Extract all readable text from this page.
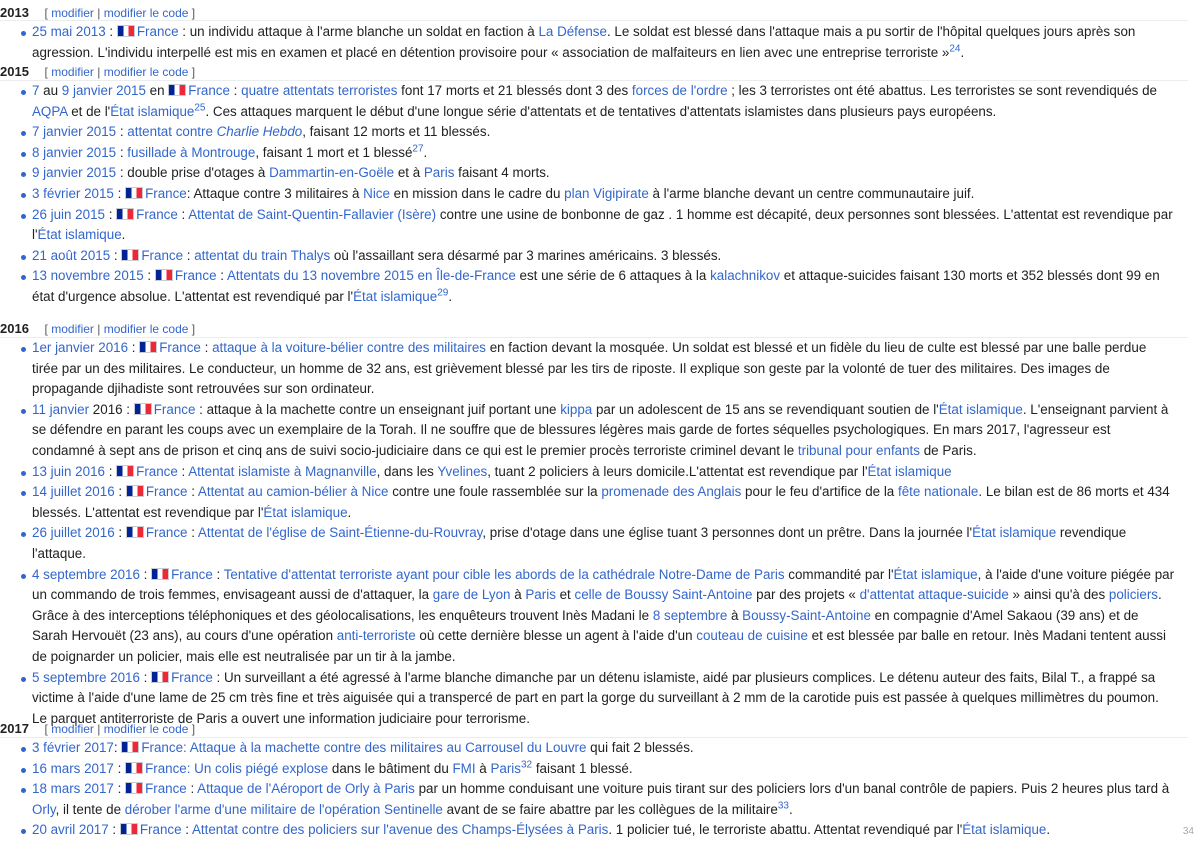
2013 [ modifier | modifier le code ]
25 mai 2013 : France : un individu attaque à l'arme blanche un soldat en faction à La Défense. Le soldat est blessé dans l'attaque mais a pu sortir de l'hôpital quelques jours après son agression. L'individu interpellé est mis en examen et placé en détention provisoire pour « association de malfaiteurs en lien avec une entreprise terroriste »$^{24}$.
2015 [ modifier | modifier le code ]
7 au 9 janvier 2015 en France : quatre attentats terroristes font 17 morts et 21 blessés dont 3 des forces de l'ordre ; les 3 terroristes ont été abattus. Les terroristes se sont revendiqués de AQPA et de l'État islamique$^{25}$. Ces attaques marquent le début d'une longue série d'attentats et de tentatives d'attentats islamistes dans plusieurs pays européens.
7 janvier 2015 : attentat contre Charlie Hebdo, faisant 12 morts et 11 blessés.
8 janvier 2015 : fusillade à Montrouge, faisant 1 mort et 1 blessé$^{27}$.
9 janvier 2015 : double prise d'otages à Dammartin-en-Goële et à Paris faisant 4 morts.
3 février 2015 : France: Attaque contre 3 militaires à Nice en mission dans le cadre du plan Vigipirate à l'arme blanche devant un centre communautaire juif.
26 juin 2015 : France : Attentat de Saint-Quentin-Fallavier (Isère) contre une usine de bonbonne de gaz . 1 homme est décapité, deux personnes sont blessées. L'attentat est revendique par l'État islamique.
21 août 2015 : France : attentat du train Thalys où l'assaillant sera désarmé par 3 marines américains. 3 blessés.
13 novembre 2015 : France : Attentats du 13 novembre 2015 en Île-de-France est une série de 6 attaques à la kalachnikov et attaque-suicides faisant 130 morts et 352 blessés dont 99 en état d'urgence absolue. L'attentat est revendiqué par l'État islamique$^{29}$.
2016 [ modifier | modifier le code ]
1er janvier 2016 : France : attaque à la voiture-bélier contre des militaires en faction devant la mosquée. Un soldat est blessé et un fidèle du lieu de culte est blessé par une balle perdue tirée par un des militaires. Le conducteur, un homme de 32 ans, est grièvement blessé par les tirs de riposte. Il explique son geste par la volonté de tuer des militaires. Des images de propagande djihadiste sont retrouvées sur son ordinateur.
11 janvier 2016 : France : attaque à la machette contre un enseignant juif portant une kippa par un adolescent de 15 ans se revendiquant soutien de l'État islamique. L'enseignant parvient à se défendre en parant les coups avec un exemplaire de la Torah. Il ne souffre que de blessures légères mais garde de fortes séquelles psychologiques. En mars 2017, l'agresseur est condamné à sept ans de prison et cinq ans de suivi socio-judiciaire dans ce qui est le premier procès terroriste criminel devant le tribunal pour enfants de Paris.
13 juin 2016 : France : Attentat islamiste à Magnanville, dans les Yvelines, tuant 2 policiers à leurs domicile.L'attentat est revendique par l'État islamique
14 juillet 2016 : France : Attentat au camion-bélier à Nice contre une foule rassemblée sur la promenade des Anglais pour le feu d'artifice de la fête nationale. Le bilan est de 86 morts et 434 blessés. L'attentat est revendique par l'État islamique.
26 juillet 2016 : France : Attentat de l'église de Saint-Étienne-du-Rouvray, prise d'otage dans une église tuant 3 personnes dont un prêtre. Dans la journée l'État islamique revendique l'attaque.
4 septembre 2016 : France : Tentative d'attentat terroriste ayant pour cible les abords de la cathédrale Notre-Dame de Paris commandité par l'État islamique, à l'aide d'une voiture piégée par un commando de trois femmes, envisageant aussi de d'attaquer, la gare de Lyon à Paris et celle de Boussy Saint-Antoine par des projets « d'attentat attaque-suicide » ainsi qu'à des policiers. Grâce à des interceptions téléphoniques et des géolocalisations, les enquêteurs trouvent Inès Madani le 8 septembre à Boussy-Saint-Antoine en compagnie d'Amel Sakaou (39 ans) et de Sarah Hervouët (23 ans), au cours d'une opération anti-terroriste où cette dernière blesse un agent à l'aide d'un couteau de cuisine et est blessée par balle en retour. Inès Madani tentent aussi de poignarder un policier, mais elle est neutralisée par un tir à la jambe.
5 septembre 2016 : France : Un surveillant a été agressé à l'arme blanche dimanche par un détenu islamiste, aidé par plusieurs complices. Le détenu auteur des faits, Bilal T., a frappé sa victime à l'aide d'une lame de 25 cm très fine et très aiguisée qui a transpercé de part en part la gorge du surveillant à 2 mm de la carotide puis est passée à quelques millimètres du poumon. Le parquet antiterroriste de Paris a ouvert une information judiciaire pour terrorisme.
2017 [ modifier | modifier le code ]
3 février 2017: France: Attaque à la machette contre des militaires au Carrousel du Louvre qui fait 2 blessés.
16 mars 2017 : France: Un colis piégé explose dans le bâtiment du FMI à Paris$^{32}$ faisant 1 blessé.
18 mars 2017 : France : Attaque de l'Aéroport de Orly à Paris par un homme conduisant une voiture puis tirant sur des policiers lors d'un banal contrôle de papiers. Puis 2 heures plus tard à Orly, il tente de dérober l'arme d'une militaire de l'opération Sentinelle avant de se faire abattre par les collègues de la militaire$^{33}$.
20 avril 2017 : France : Attentat contre des policiers sur l'avenue des Champs-Élysées à Paris. 1 policier tué, le terroriste abattu. Attentat revendiqué par l'État islamique.	34
